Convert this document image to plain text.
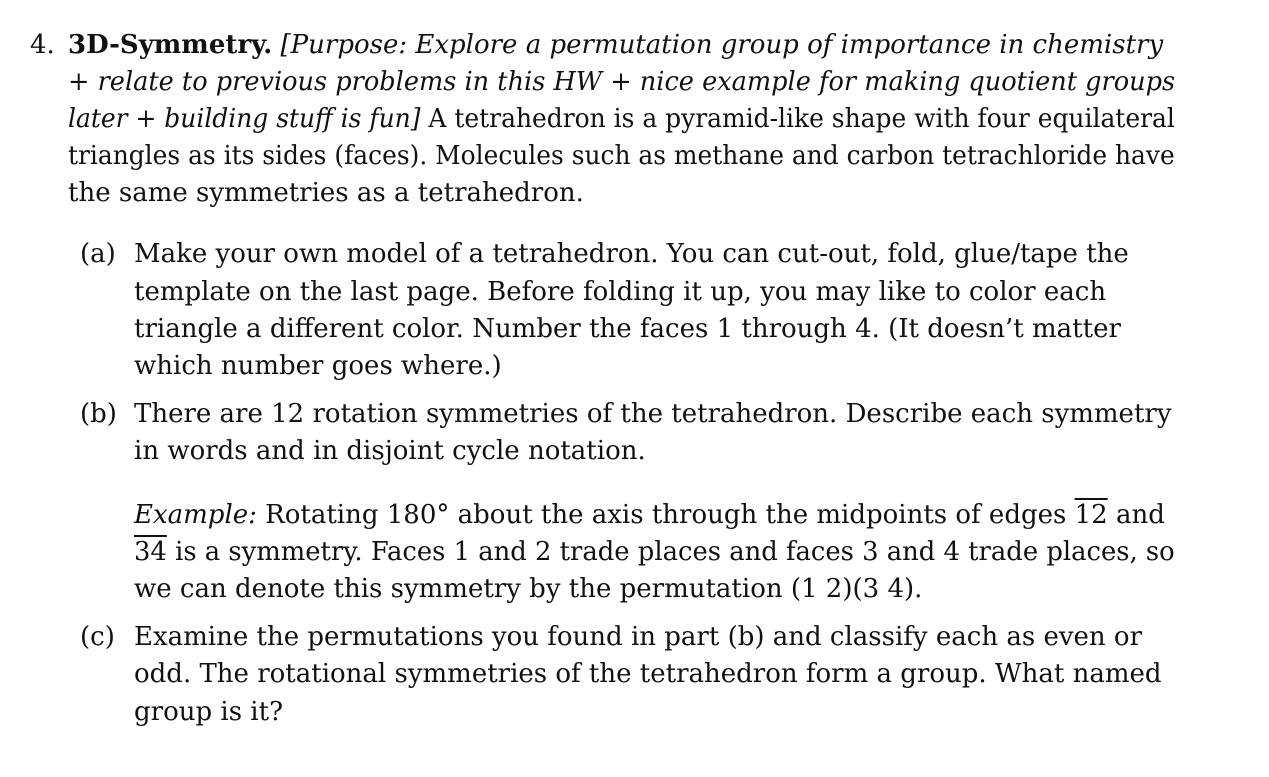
4. 3D-Symmetry. [Purpose: Explore a permutation group of importance in chemistry
+ relate to previous problems in this HW + nice example for making quotient groups
later + building stuff is fun] A tetrahedron is a pyramid-like shape with four equilateral
triangles as its sides (faces). Molecules such as methane and carbon tetrachloride have
the same symmetries as a tetrahedron.
(a) Make your own model of a tetrahedron. You can cut-out, fold, glue/tape the
template on the last page. Before folding it up, you may like to color each
triangle a different color. Number the faces 1 through 4. (It doesn’t matter
which number goes where.)
(b) There are 12 rotation symmetries of the tetrahedron. Describe each symmetry
in words and in disjoint cycle notation.
Example: Rotating 180° about the axis through the midpoints of edges 12 and
34 is a symmetry. Faces 1 and 2 trade places and faces 3 and 4 trade places, so
we can denote this symmetry by the permutation (1 2)(3 4).
(c) Examine the permutations you found in part (b) and classify each as even or
odd. The rotational symmetries of the tetrahedron form a group. What named
group is it?
